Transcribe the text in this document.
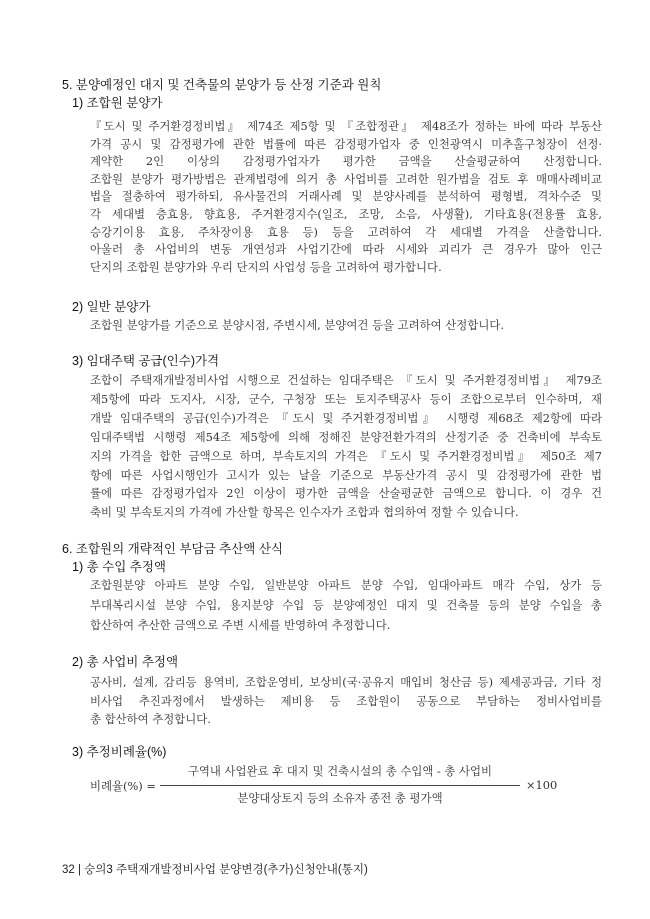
5. 분양예정인 대지 및 건축물의 분양가 등 산정 기준과 원칙
1) 조합원 분양가
『도시 및 주거환경정비법』 제74조 제5항 및 『조합정관』 제48조가 정하는 바에 따라 부동산
가격 공시 및 감정평가에 관한 법률에 따른 감정평가업자 중 인천광역시 미추홀구청장이 선정·
계약한 2인 이상의 감정평가업자가 평가한 금액을 산술평균하여 산정합니다.
조합원 분양가 평가방법은 관계법령에 의거 총 사업비를 고려한 원가법을 검토 후 매매사례비교
법을 절충하여 평가하되, 유사물건의 거래사례 및 분양사례를 분석하여 평형별, 격차수준 및
각 세대별 층효용, 향효용, 주거환경지수(일조, 조망, 소음, 사생활), 기타효용(전용률 효용,
승강기이용 효용, 주차장이용 효용 등) 등을 고려하여 각 세대별 가격을 산출합니다.
아울러 총 사업비의 변동 개연성과 사업기간에 따라 시세와 괴리가 큰 경우가 많아 인근
단지의 조합원 분양가와 우리 단지의 사업성 등을 고려하여 평가합니다.
2) 일반 분양가
조합원 분양가를 기준으로 분양시점, 주변시세, 분양여건 등을 고려하여 산정합니다.
3) 임대주택 공급(인수)가격
조합이 주택재개발정비사업 시행으로 건설하는 임대주택은 『도시 및 주거환경정비법』 제79조
제5항에 따라 도지사, 시장, 군수, 구청장 또는 토지주택공사 등이 조합으로부터 인수하며, 재
개발 임대주택의 공급(인수)가격은 『도시 및 주거환경정비법』 시행령 제68조 제2항에 따라
임대주택법 시행령 제54조 제5항에 의해 정해진 분양전환가격의 산정기준 중 건축비에 부속토
지의 가격을 합한 금액으로 하며, 부속토지의 가격은 『도시 및 주거환경정비법』 제50조 제7
항에 따른 사업시행인가 고시가 있는 날을 기준으로 부동산가격 공시 및 감정평가에 관한 법
률에 따른 감정평가업자 2인 이상이 평가한 금액을 산술평균한 금액으로 합니다. 이 경우 건
축비 및 부속토지의 가격에 가산할 항목은 인수자가 조합과 협의하여 정할 수 있습니다.
6. 조합원의 개략적인 부담금 추산액 산식
1) 총 수입 추정액
조합원분양 아파트 분양 수입, 일반분양 아파트 분양 수입, 임대아파트 매각 수입, 상가 등
부대복리시설 분양 수입, 용지분양 수입 등 분양예정인 대지 및 건축물 등의 분양 수입을 총
합산하여 추산한 금액으로 주변 시세를 반영하여 추정합니다.
2) 총 사업비 추정액
공사비, 설계, 감리등 용역비, 조합운영비, 보상비(국·공유지 매입비 청산금 등) 제세공과금, 기타 정
비사업 추진과정에서 발생하는 제비용 등 조합원이 공동으로 부담하는 정비사업비를
총 합산하여 추정합니다.
3) 추정비례율(%)
비례율(%) =
구역내 사업완료 후 대지 및 건축시설의 총 수입액 - 총 사업비
분양대상토지 등의 소유자 종전 총 평가액
×100
32 | 숭의3 주택재개발정비사업 분양변경(추가)신청안내(통지)
